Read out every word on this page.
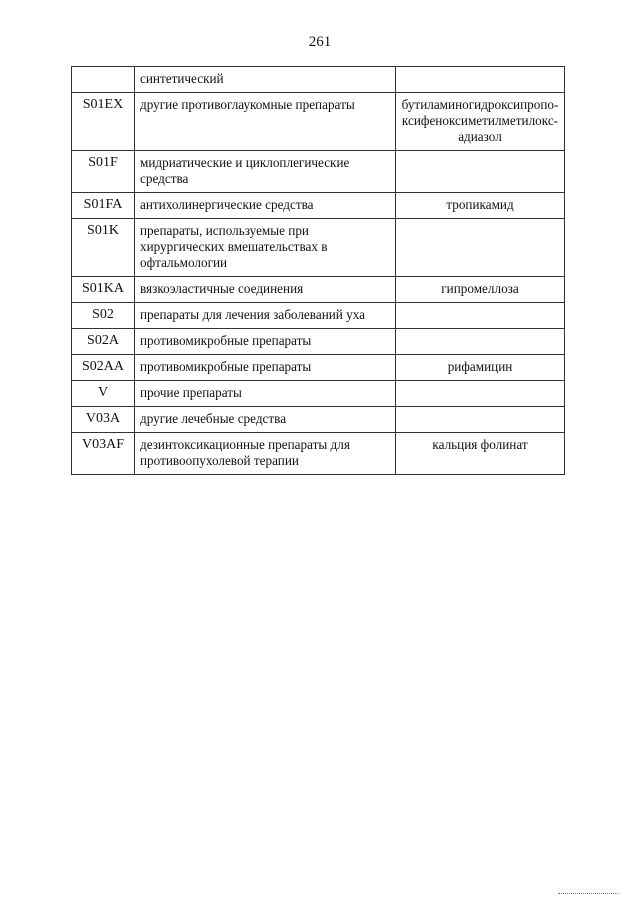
261
	синтетический	
S01EX	другие противоглаукомные препараты	бутиламиногидроксипропо-ксифеноксиметилметилокс-адиазол
S01F	мидриатические и циклоплегические средства	
S01FA	антихолинергические средства	тропикамид
S01K	препараты, используемые при хирургических вмешательствах в офтальмологии	
S01KA	вязкоэластичные соединения	гипромеллоза
S02	препараты для лечения заболеваний уха	
S02A	противомикробные препараты	
S02AA	противомикробные препараты	рифамицин
V	прочие препараты	
V03A	другие лечебные средства	
V03AF	дезинтоксикационные препараты для противоопухолевой терапии	кальция фолинат
